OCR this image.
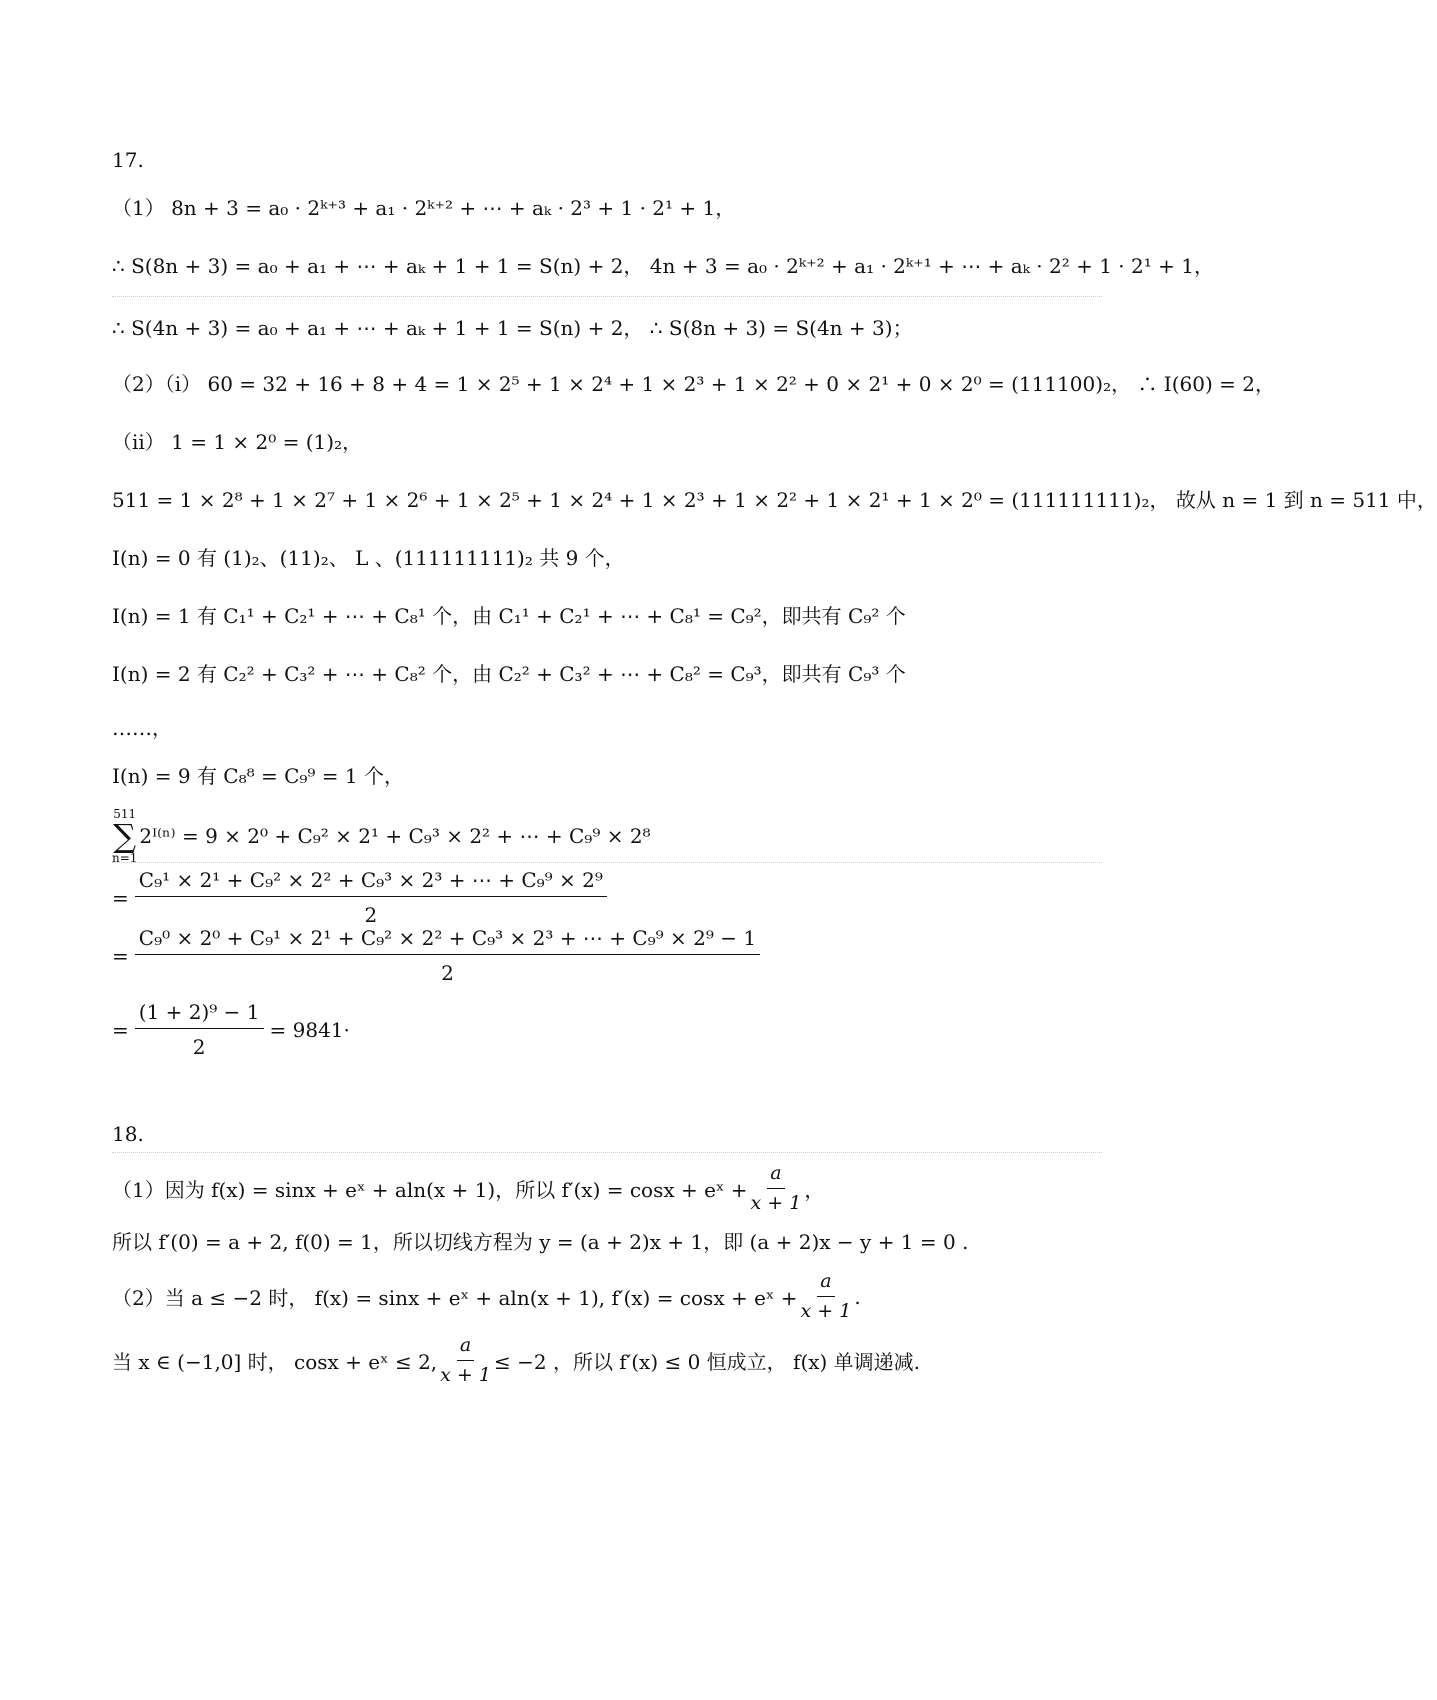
17.
（1） 8n + 3 = a₀ · 2ᵏ⁺³ + a₁ · 2ᵏ⁺² + ⋯ + aₖ · 2³ + 1 · 2¹ + 1，
∴ S(8n + 3) = a₀ + a₁ + ⋯ + aₖ + 1 + 1 = S(n) + 2， 4n + 3 = a₀ · 2ᵏ⁺² + a₁ · 2ᵏ⁺¹ + ⋯ + aₖ · 2² + 1 · 2¹ + 1，
∴ S(4n + 3) = a₀ + a₁ + ⋯ + aₖ + 1 + 1 = S(n) + 2， ∴ S(8n + 3) = S(4n + 3)；
（2）（ⅰ） 60 = 32 + 16 + 8 + 4 = 1 × 2⁵ + 1 × 2⁴ + 1 × 2³ + 1 × 2² + 0 × 2¹ + 0 × 2⁰ = (111100)₂， ∴ I(60) = 2，
（ⅱ） 1 = 1 × 2⁰ = (1)₂，
511 = 1 × 2⁸ + 1 × 2⁷ + 1 × 2⁶ + 1 × 2⁵ + 1 × 2⁴ + 1 × 2³ + 1 × 2² + 1 × 2¹ + 1 × 2⁰ = (111111111)₂， 故从 n = 1 到 n = 511 中，
I(n) = 0 有 (1)₂、(11)₂、 L 、(111111111)₂ 共 9 个，
I(n) = 1 有 C₁¹ + C₂¹ + ⋯ + C₈¹ 个，由 C₁¹ + C₂¹ + ⋯ + C₈¹ = C₉²，即共有 C₉² 个
I(n) = 2 有 C₂² + C₃² + ⋯ + C₈² 个，由 C₂² + C₃² + ⋯ + C₈² = C₉³，即共有 C₉³ 个
……，
I(n) = 9 有 C₈⁸ = C₉⁹ = 1 个，
511
∑
n=1
2ᴵ⁽ⁿ⁾ = 9 × 2⁰ + C₉² × 2¹ + C₉³ × 2² + ⋯ + C₉⁹ × 2⁸
= $\frac{\text{C₉¹ × 2¹ + C₉² × 2² + C₉³ × 2³ + ⋯ + C₉⁹ × 2⁹}}{2}$
= $\frac{\text{C₉⁰ × 2⁰ + C₉¹ × 2¹ + C₉² × 2² + C₉³ × 2³ + ⋯ + C₉⁹ × 2⁹ − 1}}{2}$
= $\frac{\text{(1 + 2)⁹ − 1}}{2} = 9841\cdot$
18.
（1）因为 f(x) = sinx + eˣ + aln(x + 1)，所以 f′(x) = cosx + eˣ + $\frac{a}{x + 1}$ ，
所以 f′(0) = a + 2, f(0) = 1，所以切线方程为 y = (a + 2)x + 1，即 (a + 2)x − y + 1 = 0 .
（2）当 a ≤ −2 时， f(x) = sinx + eˣ + aln(x + 1), f′(x) = cosx + eˣ + $\frac{a}{x + 1}$ .
当 x ∈ (−1,0] 时， cosx + eˣ ≤ 2, $\frac{a}{x + 1} \le -2$ ，所以 f′(x) ≤ 0 恒成立， f(x) 单调递减.
